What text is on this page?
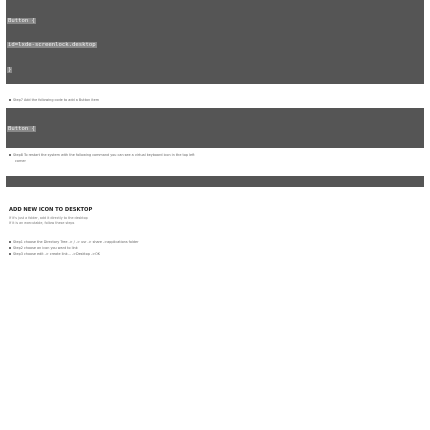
Button {

id=lxde-screenlock.desktop

}

Step7 Add the following code to add a Button item

Button {

Step8 To restart the system with the following command you can see a virtual keyboard icon in the top left
corner

ADD NEW ICON TO DESKTOP
If it's just a folder, add it directly to the desktop
If it is an executable, follow these steps
Step1 choose the Directory Tree -> / -> usr -> share ->applications folder
Step2 choose an icon you want to link
Step3 choose edit -> create link... ->Desktop ->OK
